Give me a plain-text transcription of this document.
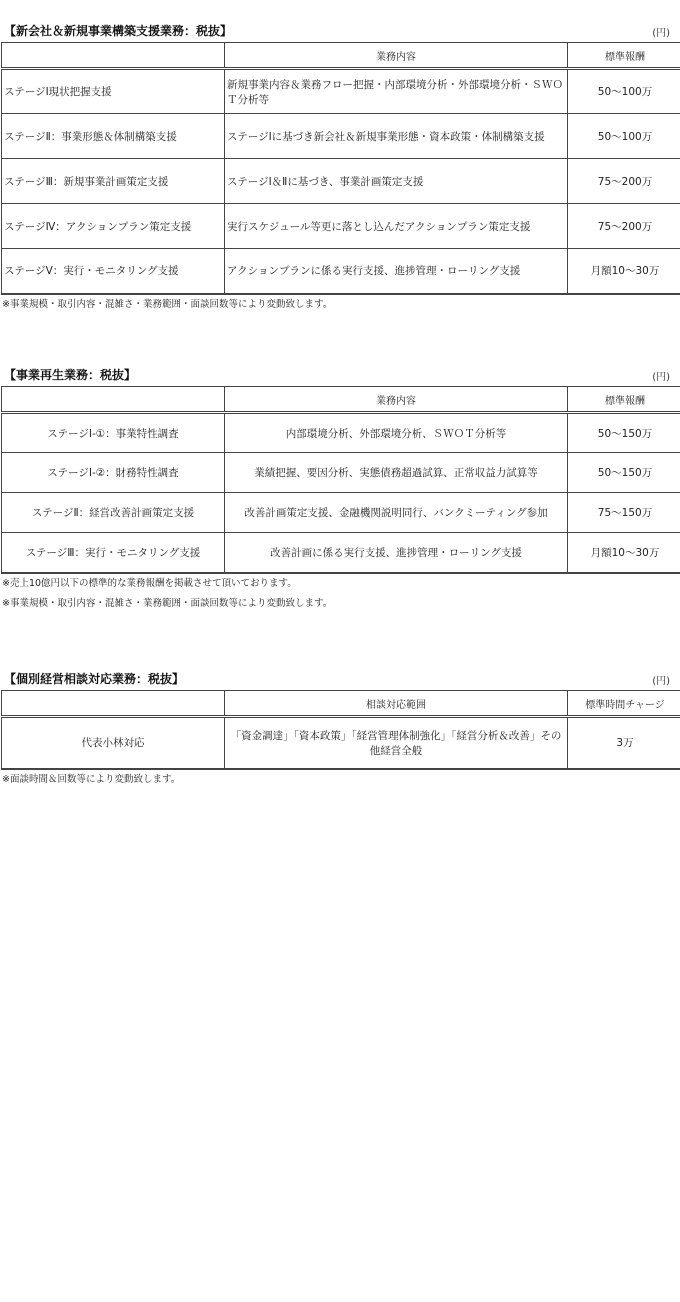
【新会社＆新規事業構築支援業務：税抜】	(円)
	業務内容	標準報酬
ステージⅠ現状把握支援	新規事業内容＆業務フロー把握・内部環境分析・外部環境分析・ＳＷＯＴ分析等	50～100万
ステージⅡ：事業形態＆体制構築支援	ステージⅠに基づき新会社＆新規事業形態・資本政策・体制構築支援	50～100万
ステージⅢ：新規事業計画策定支援	ステージⅠ＆Ⅱに基づき、事業計画策定支援	75～200万
ステージⅣ：アクションプラン策定支援	実行スケジュール等更に落とし込んだアクションプラン策定支援	75～200万
ステージⅤ：実行・モニタリング支援	アクションプランに係る実行支援、進捗管理・ローリング支援	月額10～30万
※事業規模・取引内容・混雑さ・業務範囲・面談回数等により変動致します。
【事業再生業務：税抜】	(円)
	業務内容	標準報酬
ステージⅠ-①：事業特性調査	内部環境分析、外部環境分析、ＳＷＯＴ分析等	50～150万
ステージⅠ-②：財務特性調査	業績把握、要因分析、実態債務超過試算、正常収益力試算等	50～150万
ステージⅡ：経営改善計画策定支援	改善計画策定支援、金融機関説明同行、バンクミーティング参加	75～150万
ステージⅢ：実行・モニタリング支援	改善計画に係る実行支援、進捗管理・ローリング支援	月額10～30万
※売上10億円以下の標準的な業務報酬を掲載させて頂いております。
※事業規模・取引内容・混雑さ・業務範囲・面談回数等により変動致します。
【個別経営相談対応業務：税抜】	(円)
	相談対応範囲	標準時間チャージ
代表小林対応	「資金調達」「資本政策」「経営管理体制強化」「経営分析＆改善」その他経営全般	3万
※面談時間＆回数等により変動致します。
